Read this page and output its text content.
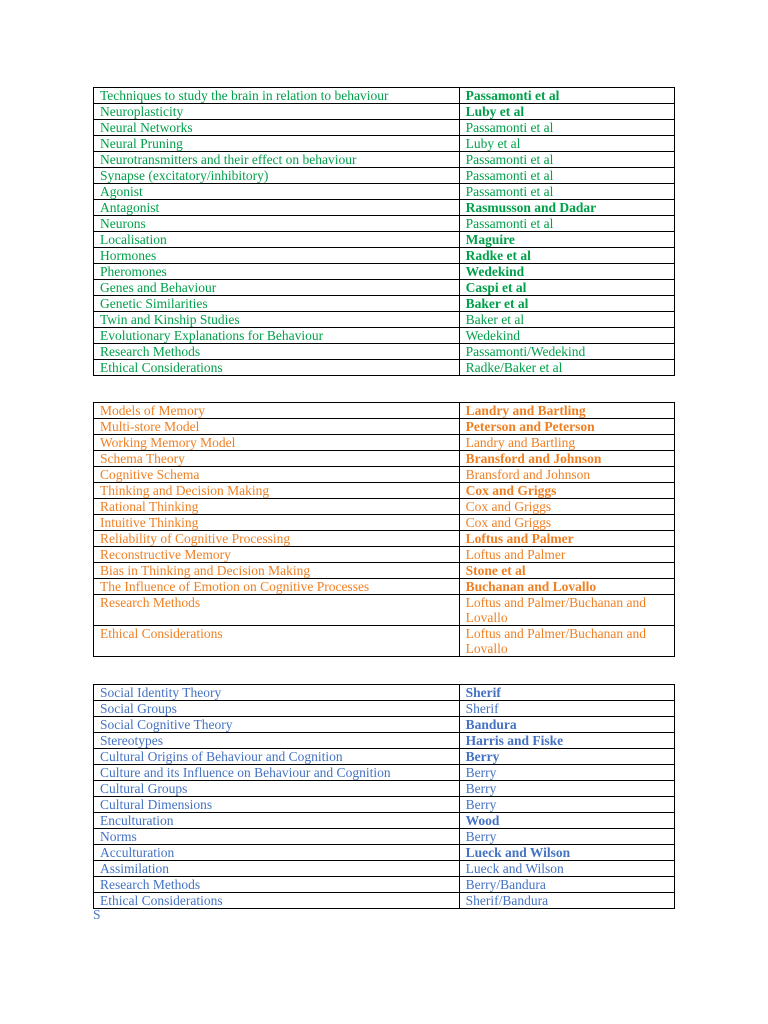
Techniques to study the brain in relation to behaviour	Passamonti et al
Neuroplasticity	Luby et al
Neural Networks	Passamonti et al
Neural Pruning	Luby et al
Neurotransmitters and their effect on behaviour	Passamonti et al
Synapse (excitatory/inhibitory)	Passamonti et al
Agonist	Passamonti et al
Antagonist	Rasmusson and Dadar
Neurons	Passamonti et al
Localisation	Maguire
Hormones	Radke et al
Pheromones	Wedekind
Genes and Behaviour	Caspi et al
Genetic Similarities	Baker et al
Twin and Kinship Studies	Baker et al
Evolutionary Explanations for Behaviour	Wedekind
Research Methods	Passamonti/Wedekind
Ethical Considerations	Radke/Baker et al
Models of Memory	Landry and Bartling
Multi-store Model	Peterson and Peterson
Working Memory Model	Landry and Bartling
Schema Theory	Bransford and Johnson
Cognitive Schema	Bransford and Johnson
Thinking and Decision Making	Cox and Griggs
Rational Thinking	Cox and Griggs
Intuitive Thinking	Cox and Griggs
Reliability of Cognitive Processing	Loftus and Palmer
Reconstructive Memory	Loftus and Palmer
Bias in Thinking and Decision Making	Stone et al
The Influence of Emotion on Cognitive Processes	Buchanan and Lovallo
Research Methods	Loftus and Palmer/Buchanan and Lovallo
Ethical Considerations	Loftus and Palmer/Buchanan and Lovallo
Social Identity Theory	Sherif
Social Groups	Sherif
Social Cognitive Theory	Bandura
Stereotypes	Harris and Fiske
Cultural Origins of Behaviour and Cognition	Berry
Culture and its Influence on Behaviour and Cognition	Berry
Cultural Groups	Berry
Cultural Dimensions	Berry
Enculturation	Wood
Norms	Berry
Acculturation	Lueck and Wilson
Assimilation	Lueck and Wilson
Research Methods	Berry/Bandura
Ethical Considerations	Sherif/Bandura
S
